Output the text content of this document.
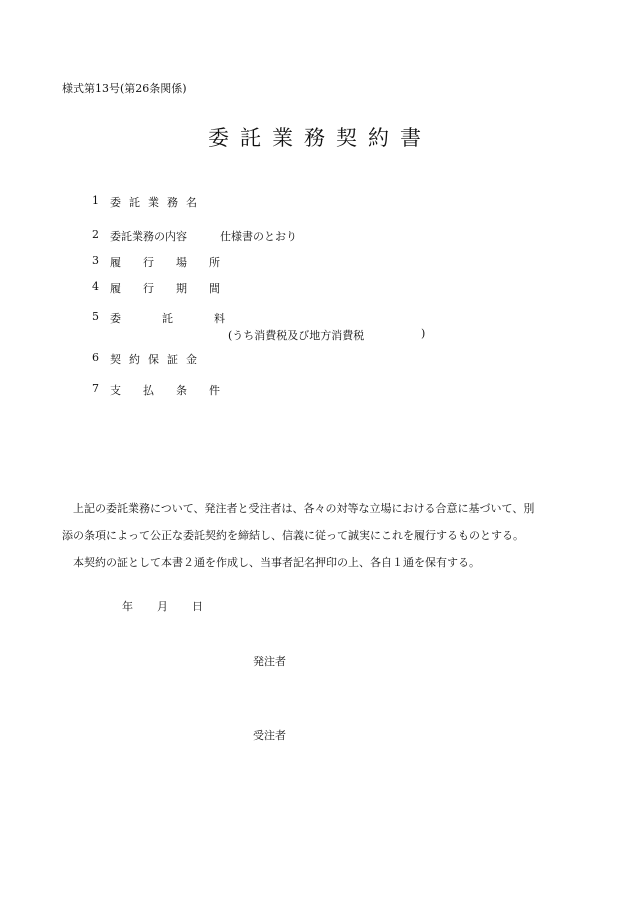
様式第13号(第26条関係)
委託業務契約書
1 委託業務名
2 委託業務の内容	仕様書のとおり
3 履行場所
4 履行期間
5 委託料
(うち消費税及び地方消費税	)
6 契約保証金
7 支払条件
上記の委託業務について、発注者と受注者は、各々の対等な立場における合意に基づいて、別
添の条項によって公正な委託契約を締結し、信義に従って誠実にこれを履行するものとする。
本契約の証として本書２通を作成し、当事者記名押印の上、各自１通を保有する。
年 月 日
発注者
受注者
